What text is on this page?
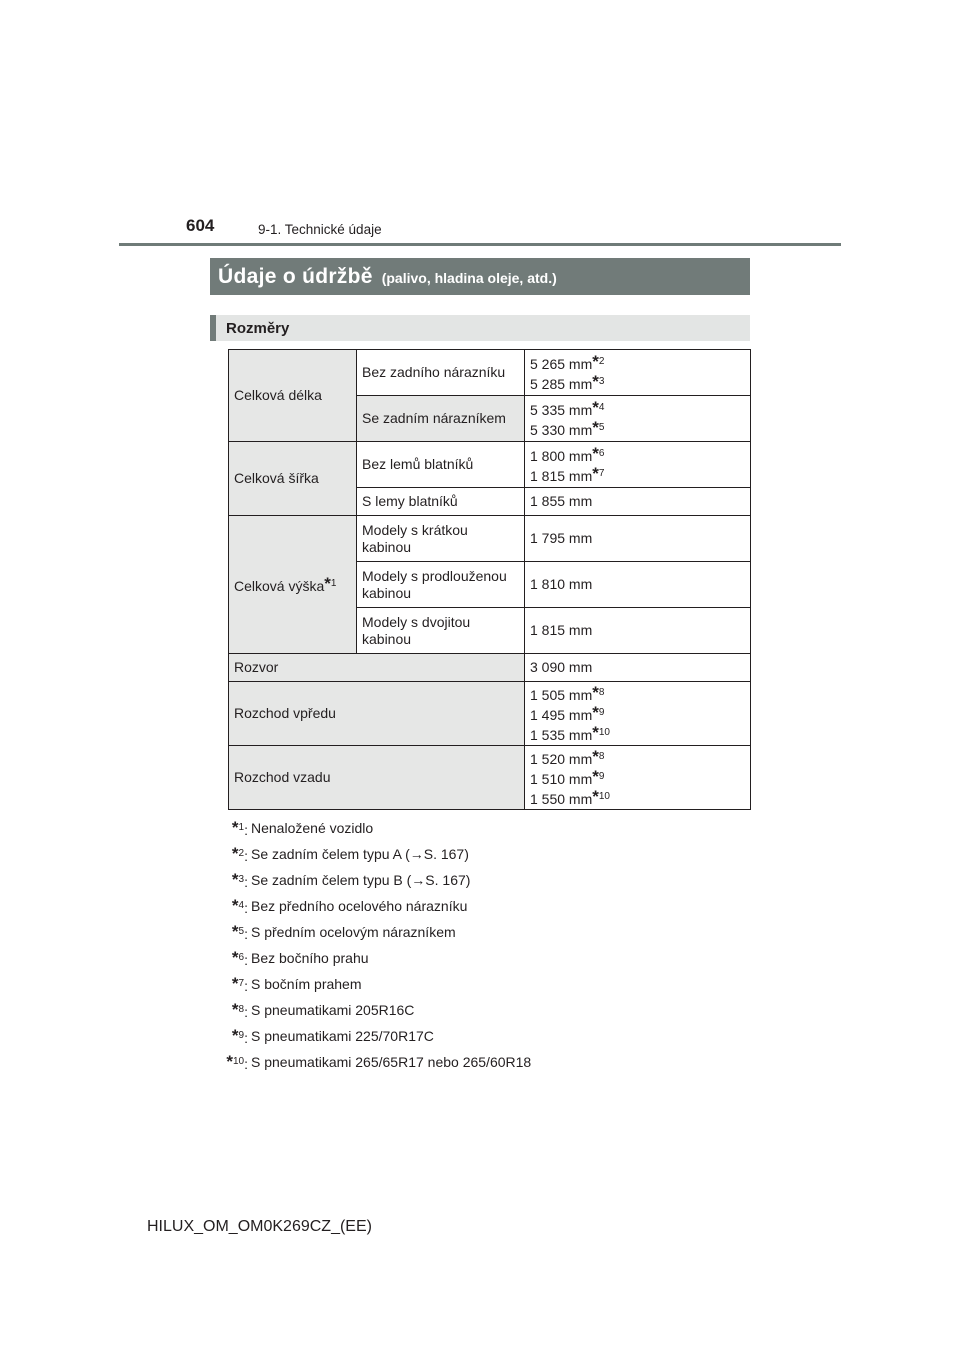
604	9-1. Technické údaje
Údaje o údržbě (palivo, hladina oleje, atd.)
Rozměry
Celková délka	Bez zadního nárazníku	5 265 mm*$^2$
5 285 mm*$^3$
	Se zadním nárazníkem	5 335 mm*$^4$
5 330 mm*$^5$
Celková šířka	Bez lemů blatníků	1 800 mm*$^6$
1 815 mm*$^7$
	S lemy blatníků	1 855 mm
Celková výška*$^1$	Modely s krátkou kabinou	1 795 mm
	Modely s prodlouženou kabinou	1 810 mm
	Modely s dvojitou kabinou	1 815 mm
Rozvor		3 090 mm
Rozchod vpředu		1 505 mm*$^8$
1 495 mm*$^9$
1 535 mm*$^{10}$
Rozchod vzadu		1 520 mm*$^8$
1 510 mm*$^9$
1 550 mm*$^{10}$
*$^1$: Nenaložené vozidlo
*$^2$: Se zadním čelem typu A (→S. 167)
*$^3$: Se zadním čelem typu B (→S. 167)
*$^4$: Bez předního ocelového nárazníku
*$^5$: S předním ocelovým nárazníkem
*$^6$: Bez bočního prahu
*$^7$: S bočním prahem
*$^8$: S pneumatikami 205R16C
*$^9$: S pneumatikami 225/70R17C
*$^{10}$: S pneumatikami 265/65R17 nebo 265/60R18
HILUX_OM_OM0K269CZ_(EE)
